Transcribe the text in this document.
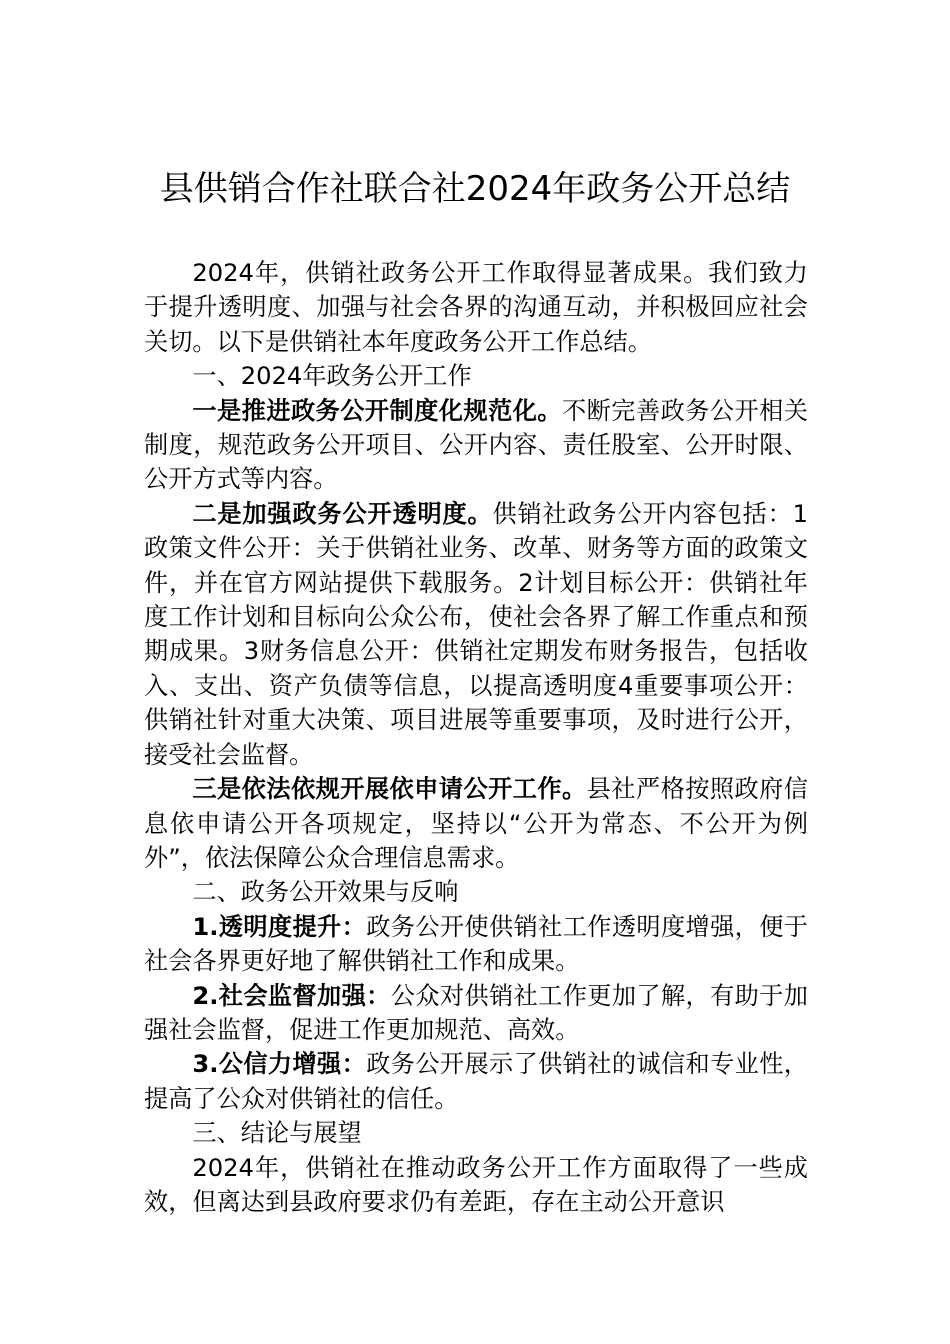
县供销合作社联合社2024年政务公开总结

2024年，供销社政务公开工作取得显著成果。我们致力于提升透明度、加强与社会各界的沟通互动，并积极回应社会关切。以下是供销社本年度政务公开工作总结。

一、2024年政务公开工作

一是推进政务公开制度化规范化。不断完善政务公开相关制度，规范政务公开项目、公开内容、责任股室、公开时限、公开方式等内容。

二是加强政务公开透明度。供销社政务公开内容包括：1政策文件公开：关于供销社业务、改革、财务等方面的政策文件，并在官方网站提供下载服务。2计划目标公开：供销社年度工作计划和目标向公众公布，使社会各界了解工作重点和预期成果。3财务信息公开：供销社定期发布财务报告，包括收入、支出、资产负债等信息，以提高透明度4重要事项公开：供销社针对重大决策、项目进展等重要事项，及时进行公开，接受社会监督。

三是依法依规开展依申请公开工作。县社严格按照政府信息依申请公开各项规定，坚持以“公开为常态、不公开为例外”，依法保障公众合理信息需求。

二、政务公开效果与反响

1.透明度提升：政务公开使供销社工作透明度增强，便于社会各界更好地了解供销社工作和成果。

2.社会监督加强：公众对供销社工作更加了解，有助于加强社会监督，促进工作更加规范、高效。

3.公信力增强：政务公开展示了供销社的诚信和专业性，提高了公众对供销社的信任。

三、结论与展望

2024年，供销社在推动政务公开工作方面取得了一些成效，但离达到县政府要求仍有差距，存在主动公开意识
